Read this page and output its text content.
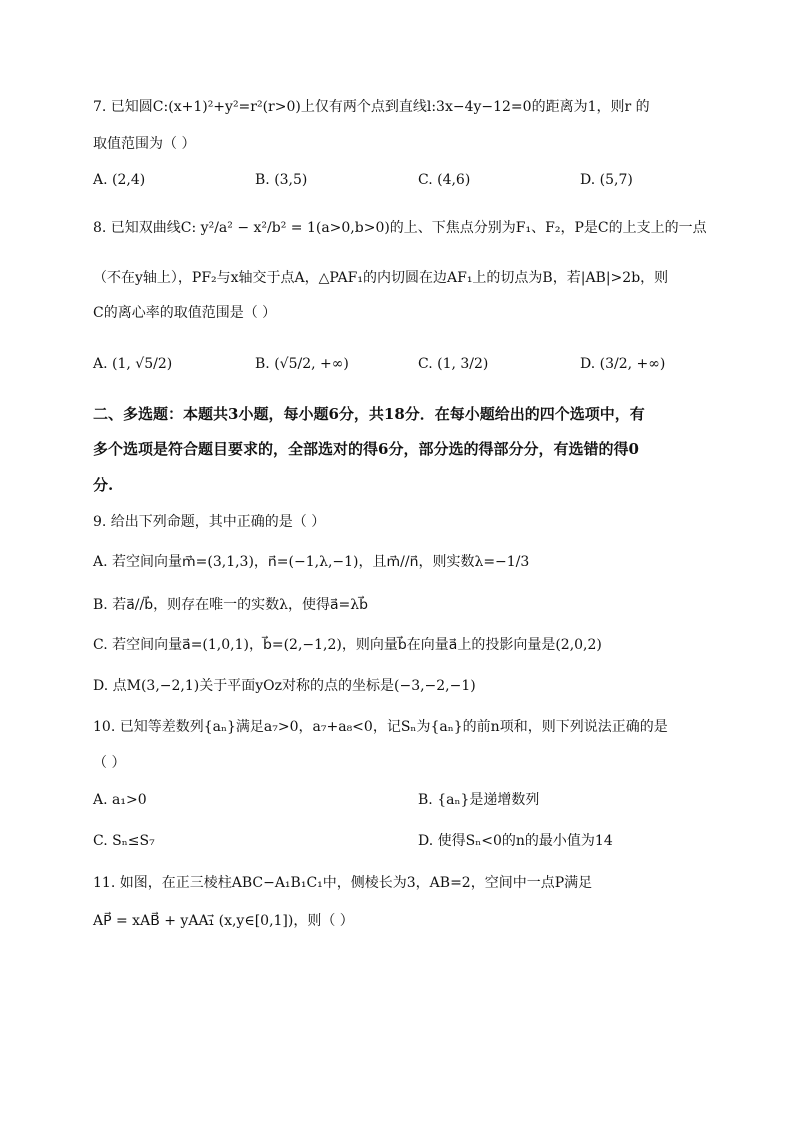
7. 已知圆C:(x+1)²+y²=r²(r>0)上仅有两个点到直线l:3x−4y−12=0的距离为1，则r 的
取值范围为（ ）
A. (2,4)	B. (3,5)	C. (4,6)	D. (5,7)
8. 已知双曲线C: y²/a² − x²/b² = 1(a>0,b>0)的上、下焦点分别为F₁、F₂，P是C的上支上的一点
（不在y轴上），PF₂与x轴交于点A，△PAF₁的内切圆在边AF₁上的切点为B，若|AB|>2b，则
C的离心率的取值范围是（ ）
A. (1, √5/2)	B. (√5/2, +∞)	C. (1, 3/2)	D. (3/2, +∞)
二、多选题：本题共3小题，每小题6分，共18分．在每小题给出的四个选项中，有
多个选项是符合题目要求的，全部选对的得6分，部分选的得部分分，有选错的得0
分.
9. 给出下列命题，其中正确的是（ ）
A. 若空间向量m⃗=(3,1,3)，n⃗=(−1,λ,−1)，且m⃗//n⃗，则实数λ=−1/3
B. 若a⃗//b⃗，则存在唯一的实数λ，使得a⃗=λb⃗
C. 若空间向量a⃗=(1,0,1)，b⃗=(2,−1,2)，则向量b⃗在向量a⃗上的投影向量是(2,0,2)
D. 点M(3,−2,1)关于平面yOz对称的点的坐标是(−3,−2,−1)
10. 已知等差数列{aₙ}满足a₇>0，a₇+a₈<0，记Sₙ为{aₙ}的前n项和，则下列说法正确的是
（ ）
A. a₁>0	B. {aₙ}是递增数列
C. Sₙ≤S₇	D. 使得Sₙ<0的n的最小值为14
11. 如图，在正三棱柱ABC−A₁B₁C₁中，侧棱长为3，AB=2，空间中一点P满足
AP⃗ = xAB⃗ + yAA₁⃗ (x,y∈[0,1])，则（ ）
